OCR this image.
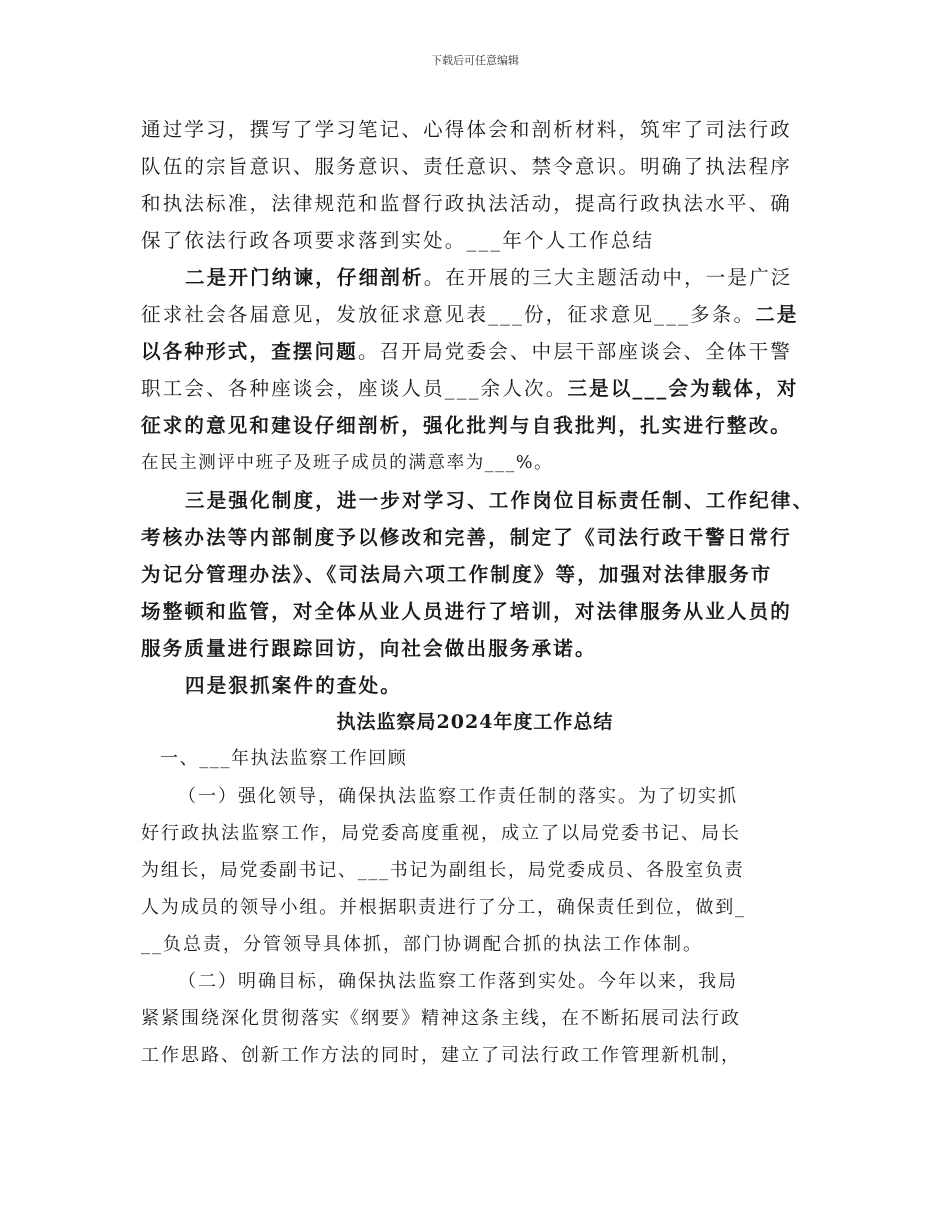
下载后可任意编辑
通过学习，撰写了学习笔记、心得体会和剖析材料，筑牢了司法行政
队伍的宗旨意识、服务意识、责任意识、禁令意识。明确了执法程序
和执法标准，法律规范和监督行政执法活动，提高行政执法水平、确
保了依法行政各项要求落到实处。___年个人工作总结
二是开门纳谏，仔细剖析。在开展的三大主题活动中，一是广泛
征求社会各届意见，发放征求意见表___份，征求意见___多条。二是
以各种形式，查摆问题。召开局党委会、中层干部座谈会、全体干警
职工会、各种座谈会，座谈人员___余人次。三是以___会为载体，对
征求的意见和建设仔细剖析，强化批判与自我批判，扎实进行整改。
在民主测评中班子及班子成员的满意率为___%。
三是强化制度，进一步对学习、工作岗位目标责任制、工作纪律、
考核办法等内部制度予以修改和完善，制定了《司法行政干警日常行
为记分管理办法》、《司法局六项工作制度》等，加强对法律服务市
场整顿和监管，对全体从业人员进行了培训，对法律服务从业人员的
服务质量进行跟踪回访，向社会做出服务承诺。
四是狠抓案件的查处。
执法监察局2024年度工作总结
一、___年执法监察工作回顾
（一）强化领导，确保执法监察工作责任制的落实。为了切实抓
好行政执法监察工作，局党委高度重视，成立了以局党委书记、局长
为组长，局党委副书记、___书记为副组长，局党委成员、各股室负责
人为成员的领导小组。并根据职责进行了分工，确保责任到位，做到_
__负总责，分管领导具体抓，部门协调配合抓的执法工作体制。
（二）明确目标，确保执法监察工作落到实处。今年以来，我局
紧紧围绕深化贯彻落实《纲要》精神这条主线，在不断拓展司法行政
工作思路、创新工作方法的同时，建立了司法行政工作管理新机制，
